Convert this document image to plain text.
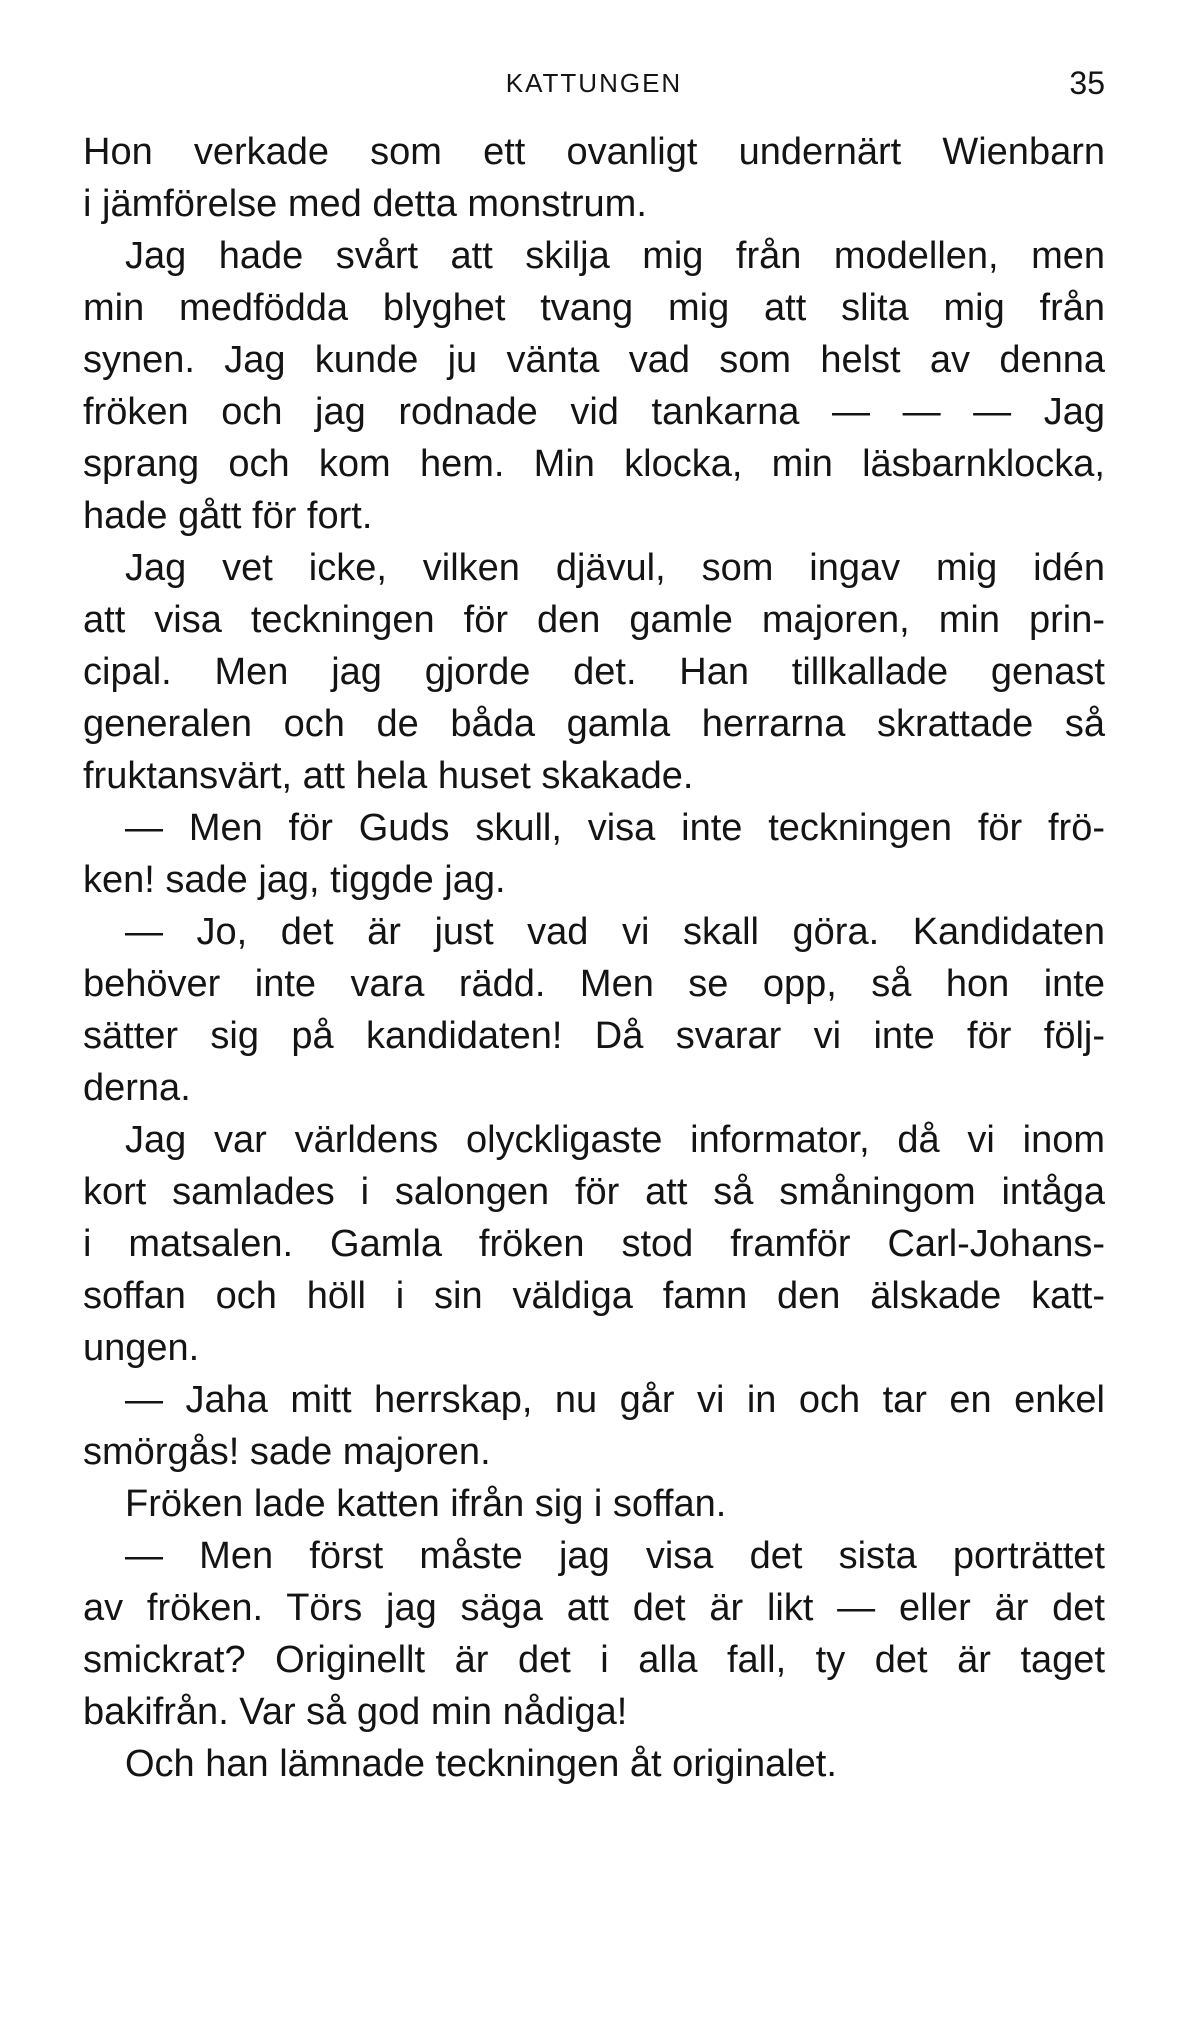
KATTUNGEN	35
Hon verkade som ett ovanligt undernärt Wienbarn
i jämförelse med detta monstrum.
Jag hade svårt att skilja mig från modellen, men
min medfödda blyghet tvang mig att slita mig från
synen. Jag kunde ju vänta vad som helst av denna
fröken och jag rodnade vid tankarna — — — Jag
sprang och kom hem. Min klocka, min läsbarnklocka,
hade gått för fort.
Jag vet icke, vilken djävul, som ingav mig idén
att visa teckningen för den gamle majoren, min prin-
cipal. Men jag gjorde det. Han tillkallade genast
generalen och de båda gamla herrarna skrattade så
fruktansvärt, att hela huset skakade.
— Men för Guds skull, visa inte teckningen för frö-
ken! sade jag, tiggde jag.
— Jo, det är just vad vi skall göra. Kandidaten
behöver inte vara rädd. Men se opp, så hon inte
sätter sig på kandidaten! Då svarar vi inte för följ-
derna.
Jag var världens olyckligaste informator, då vi inom
kort samlades i salongen för att så småningom intåga
i matsalen. Gamla fröken stod framför Carl-Johans-
soffan och höll i sin väldiga famn den älskade katt-
ungen.
— Jaha mitt herrskap, nu går vi in och tar en enkel
smörgås! sade majoren.
Fröken lade katten ifrån sig i soffan.
— Men först måste jag visa det sista porträttet
av fröken. Törs jag säga att det är likt — eller är det
smickrat? Originellt är det i alla fall, ty det är taget
bakifrån. Var så god min nådiga!
Och han lämnade teckningen åt originalet.
